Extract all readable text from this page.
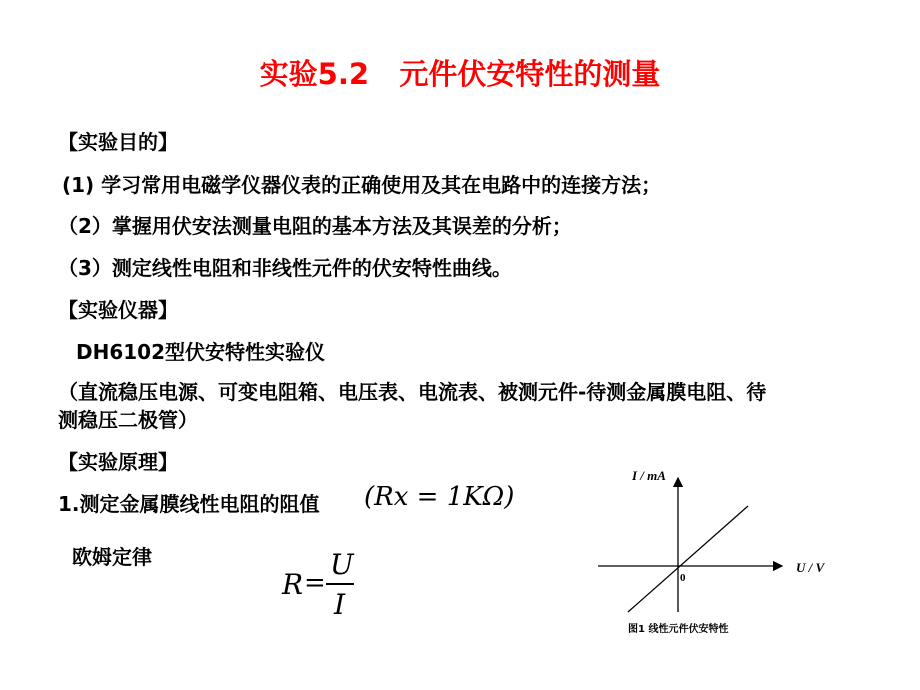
实验5.2   元件伏安特性的测量
【实验目的】
(1) 学习常用电磁学仪器仪表的正确使用及其在电路中的连接方法；
（2）掌握用伏安法测量电阻的基本方法及其误差的分析；
（3）测定线性电阻和非线性元件的伏安特性曲线。
【实验仪器】
DH6102型伏安特性实验仪
（直流稳压电源、可变电阻箱、电压表、电流表、被测元件-待测金属膜电阻、待
测稳压二极管）
【实验原理】
1.测定金属膜线性电阻的阻值 (Rx = 1KΩ)
欧姆定律
R =
U
I
I / mA
U / V
0
图1 线性元件伏安特性
